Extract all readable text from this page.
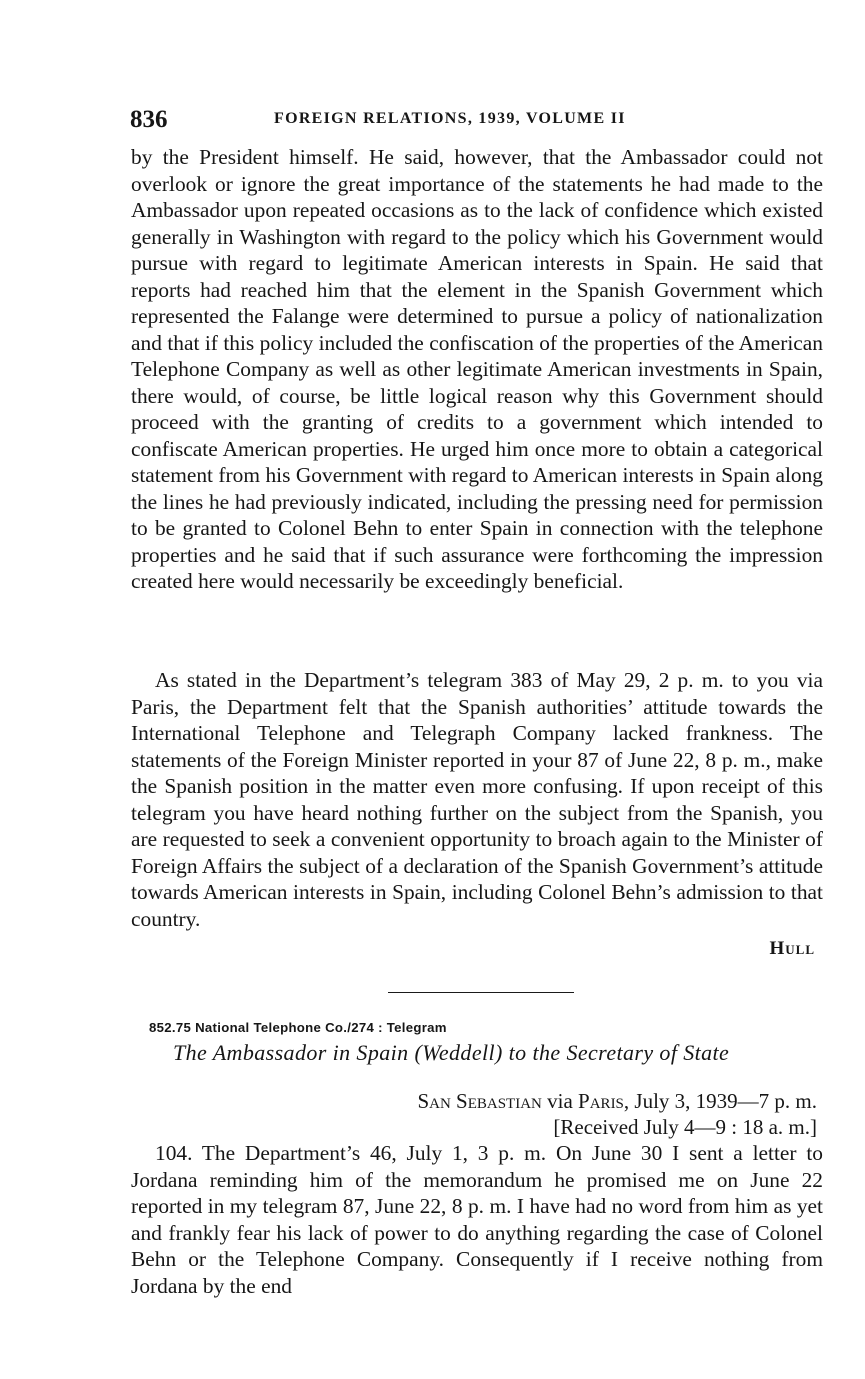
836	FOREIGN RELATIONS, 1939, VOLUME II

by the President himself. He said, however, that the Ambassador could not overlook or ignore the great importance of the statements he had made to the Ambassador upon repeated occasions as to the lack of confidence which existed generally in Washington with regard to the policy which his Government would pursue with regard to legitimate American interests in Spain. He said that reports had reached him that the element in the Spanish Government which represented the Falange were determined to pursue a policy of nationalization and that if this policy included the confiscation of the properties of the American Telephone Company as well as other legitimate American investments in Spain, there would, of course, be little logical reason why this Government should proceed with the granting of credits to a government which intended to confiscate American properties. He urged him once more to obtain a categorical statement from his Government with regard to American interests in Spain along the lines he had previously indicated, including the pressing need for permission to be granted to Colonel Behn to enter Spain in connection with the telephone properties and he said that if such assurance were forthcoming the impression created here would necessarily be exceedingly beneficial.

As stated in the Department’s telegram 383 of May 29, 2 p. m. to you via Paris, the Department felt that the Spanish authorities’ attitude towards the International Telephone and Telegraph Company lacked frankness. The statements of the Foreign Minister reported in your 87 of June 22, 8 p. m., make the Spanish position in the matter even more confusing. If upon receipt of this telegram you have heard nothing further on the subject from the Spanish, you are requested to seek a convenient opportunity to broach again to the Minister of Foreign Affairs the subject of a declaration of the Spanish Government’s attitude towards American interests in Spain, including Colonel Behn’s admission to that country.

Hull
852.75 National Telephone Co./274 : Telegram
The Ambassador in Spain (Weddell) to the Secretary of State
San Sebastian via Paris, July 3, 1939—7 p. m.
[Received July 4—9 : 18 a. m.]

104. The Department’s 46, July 1, 3 p. m. On June 30 I sent a letter to Jordana reminding him of the memorandum he promised me on June 22 reported in my telegram 87, June 22, 8 p. m. I have had no word from him as yet and frankly fear his lack of power to do anything regarding the case of Colonel Behn or the Telephone Company. Consequently if I receive nothing from Jordana by the end
